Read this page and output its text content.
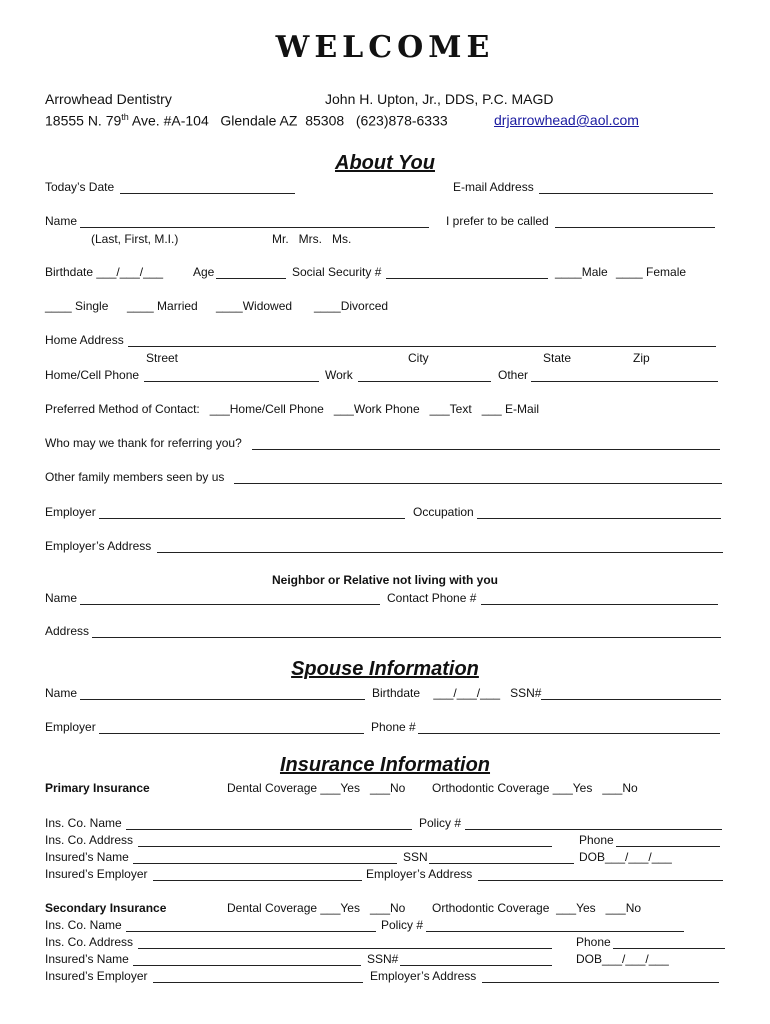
WELCOME
Arrowhead Dentistry	John H. Upton, Jr., DDS, P.C. MAGD
18555 N. 79th Ave. #A-104   Glendale AZ  85308   (623)878-6333	drjarrowhead@aol.com
About You
Today’s Date	E-mail Address
Name	I prefer to be called
(Last, First, M.I.)	Mr.   Mrs.   Ms.
Birthdate ___/___/___ Age	Social Security #	____Male ____ Female
____ Single ____ Married ____Widowed ____Divorced
Home Address
Street	City	State	Zip
Home/Cell Phone	Work	Other
Preferred Method of Contact:   ___Home/Cell Phone   ___Work Phone   ___Text   ___ E-Mail
Who may we thank for referring you?
Other family members seen by us
Employer	Occupation
Employer’s Address
Neighbor or Relative not living with you
Name	Contact Phone #
Address
Spouse Information
Name	Birthdate    ___/___/___   SSN#
Employer	Phone #
Insurance Information
Primary Insurance	Dental Coverage ___Yes   ___No Orthodontic Coverage ___Yes   ___No
Ins. Co. Name	Policy #
Ins. Co. Address	Phone
Insured’s Name	SSN	DOB___/___/___
Insured’s Employer	Employer’s Address
Secondary Insurance	Dental Coverage ___Yes   ___No Orthodontic Coverage  ___Yes   ___No
Ins. Co. Name	Policy #
Ins. Co. Address	Phone
Insured’s Name	SSN#	DOB___/___/___
Insured’s Employer	Employer’s Address
